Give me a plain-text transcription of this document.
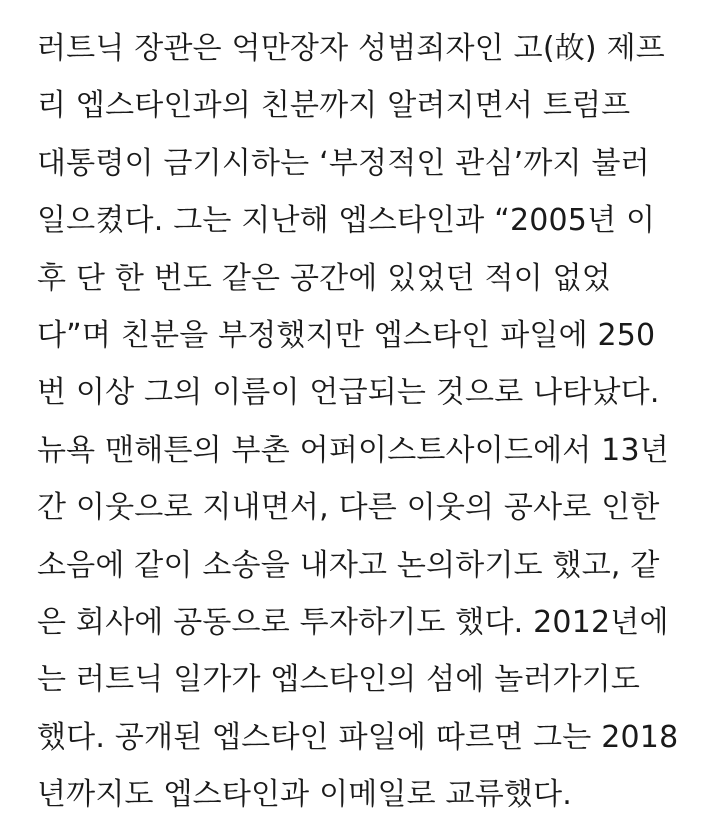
러트닉 장관은 억만장자 성범죄자인 고(故) 제프
리 엡스타인과의 친분까지 알려지면서 트럼프
대통령이 금기시하는 ‘부정적인 관심’까지 불러
일으켰다. 그는 지난해 엡스타인과 “2005년 이
후 단 한 번도 같은 공간에 있었던 적이 없었
다”며 친분을 부정했지만 엡스타인 파일에 250
번 이상 그의 이름이 언급되는 것으로 나타났다.
뉴욕 맨해튼의 부촌 어퍼이스트사이드에서 13년
간 이웃으로 지내면서, 다른 이웃의 공사로 인한
소음에 같이 소송을 내자고 논의하기도 했고, 같
은 회사에 공동으로 투자하기도 했다. 2012년에
는 러트닉 일가가 엡스타인의 섬에 놀러가기도
했다. 공개된 엡스타인 파일에 따르면 그는 2018
년까지도 엡스타인과 이메일로 교류했다.
